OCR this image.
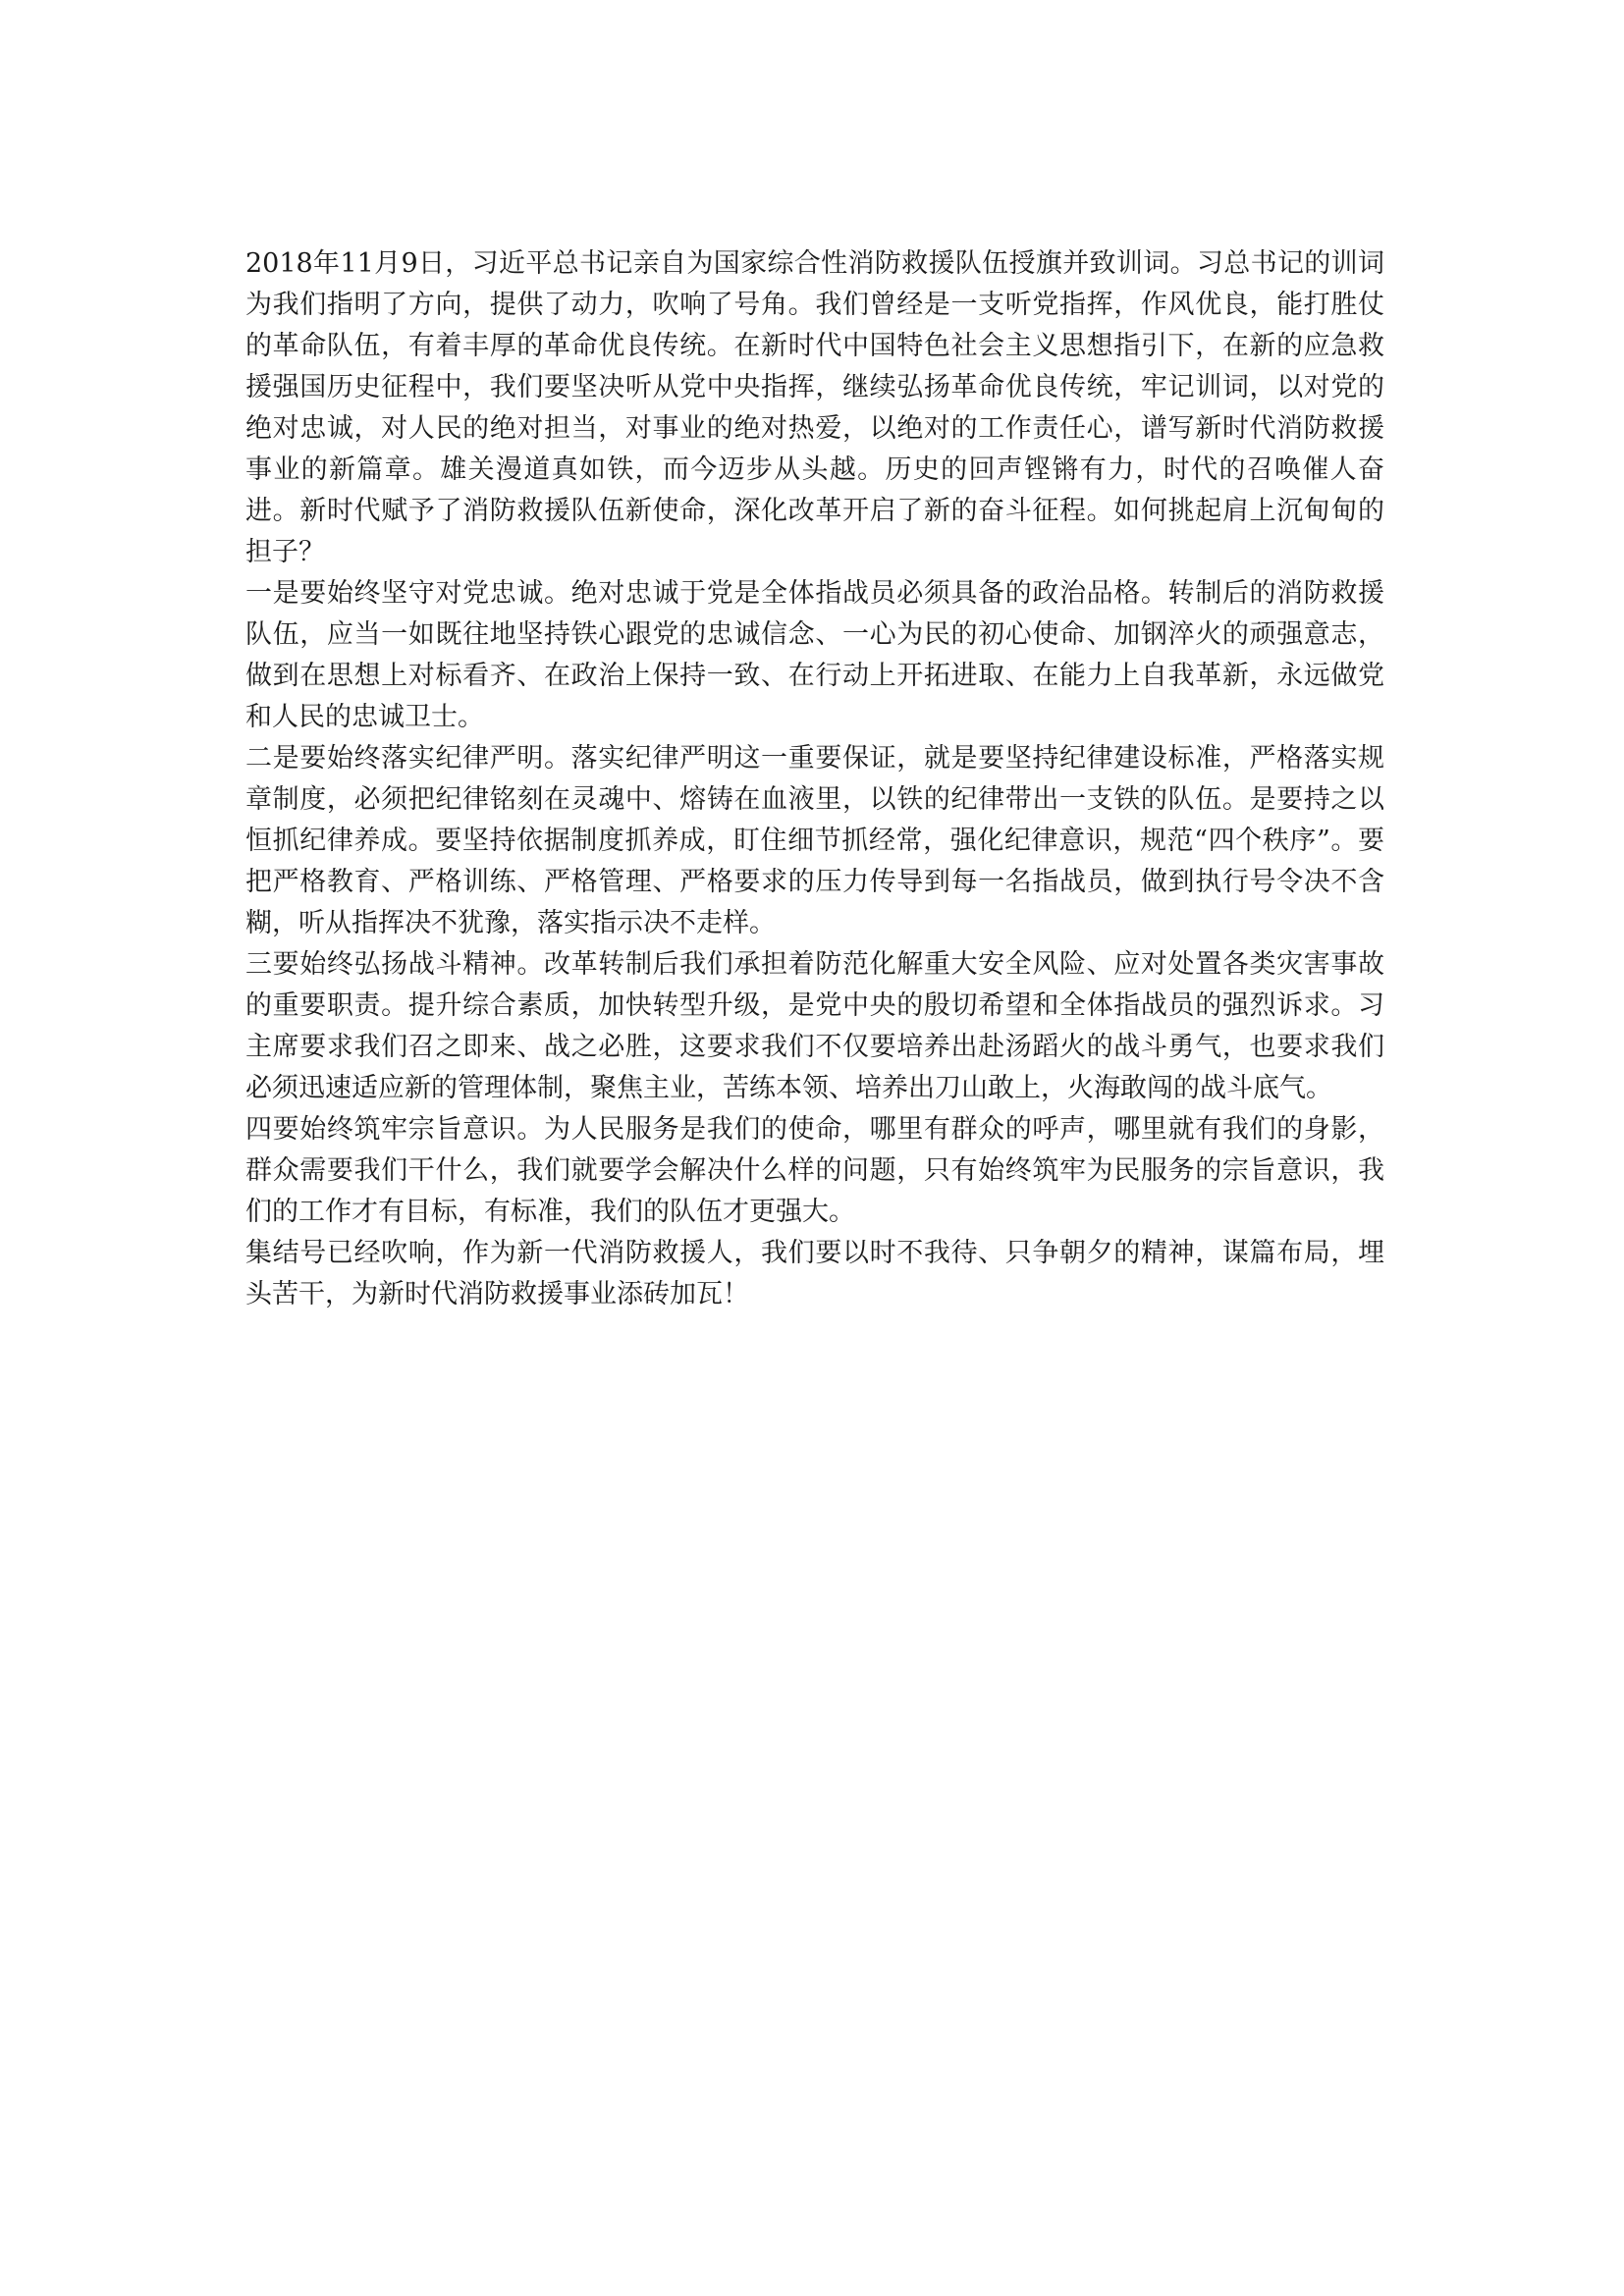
2018年11月9日，习近平总书记亲自为国家综合性消防救援队伍授旗并致训词。习总书记的训词为我们指明了方向，提供了动力，吹响了号角。我们曾经是一支听党指挥，作风优良，能打胜仗的革命队伍，有着丰厚的革命优良传统。在新时代中国特色社会主义思想指引下，在新的应急救援强国历史征程中，我们要坚决听从党中央指挥，继续弘扬革命优良传统，牢记训词，以对党的绝对忠诚，对人民的绝对担当，对事业的绝对热爱，以绝对的工作责任心，谱写新时代消防救援事业的新篇章。雄关漫道真如铁，而今迈步从头越。历史的回声铿锵有力，时代的召唤催人奋进。新时代赋予了消防救援队伍新使命，深化改革开启了新的奋斗征程。如何挑起肩上沉甸甸的担子？

一是要始终坚守对党忠诚。绝对忠诚于党是全体指战员必须具备的政治品格。转制后的消防救援队伍，应当一如既往地坚持铁心跟党的忠诚信念、一心为民的初心使命、加钢淬火的顽强意志，做到在思想上对标看齐、在政治上保持一致、在行动上开拓进取、在能力上自我革新，永远做党和人民的忠诚卫士。

二是要始终落实纪律严明。落实纪律严明这一重要保证，就是要坚持纪律建设标准，严格落实规章制度，必须把纪律铭刻在灵魂中、熔铸在血液里，以铁的纪律带出一支铁的队伍。是要持之以恒抓纪律养成。要坚持依据制度抓养成，盯住细节抓经常，强化纪律意识，规范“四个秩序”。要把严格教育、严格训练、严格管理、严格要求的压力传导到每一名指战员，做到执行号令决不含糊，听从指挥决不犹豫，落实指示决不走样。

三要始终弘扬战斗精神。改革转制后我们承担着防范化解重大安全风险、应对处置各类灾害事故的重要职责。提升综合素质，加快转型升级，是党中央的殷切希望和全体指战员的强烈诉求。习主席要求我们召之即来、战之必胜，这要求我们不仅要培养出赴汤蹈火的战斗勇气，也要求我们必须迅速适应新的管理体制，聚焦主业，苦练本领、培养出刀山敢上，火海敢闯的战斗底气。

四要始终筑牢宗旨意识。为人民服务是我们的使命，哪里有群众的呼声，哪里就有我们的身影，群众需要我们干什么，我们就要学会解决什么样的问题，只有始终筑牢为民服务的宗旨意识，我们的工作才有目标，有标准，我们的队伍才更强大。

集结号已经吹响，作为新一代消防救援人，我们要以时不我待、只争朝夕的精神，谋篇布局，埋头苦干，为新时代消防救援事业添砖加瓦！
